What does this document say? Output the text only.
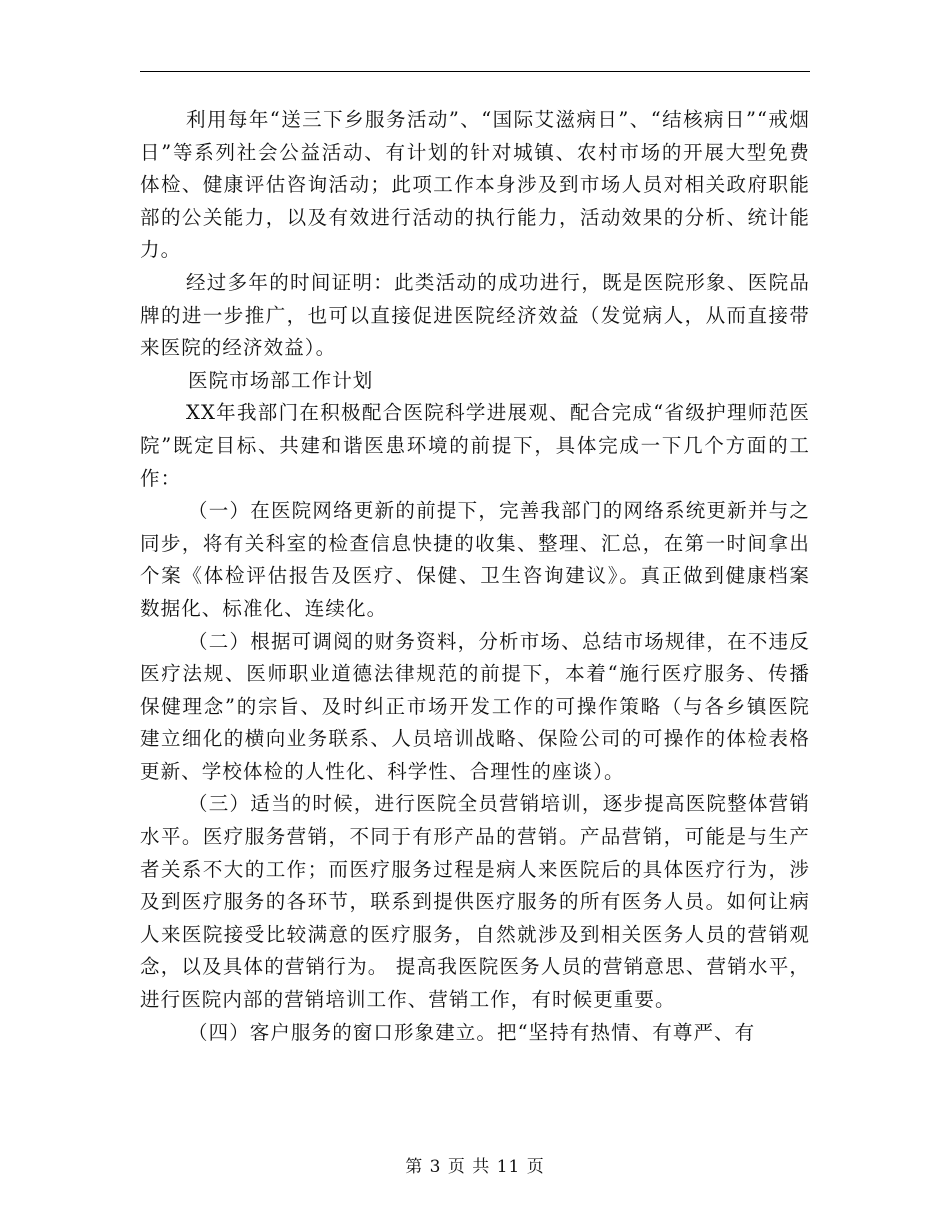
利用每年“送三下乡服务活动”、“国际艾滋病日”、“结核病日”“戒烟日”等系列社会公益活动、有计划的针对城镇、农村市场的开展大型免费体检、健康评估咨询活动；此项工作本身涉及到市场人员对相关政府职能部的公关能力，以及有效进行活动的执行能力，活动效果的分析、统计能力。

经过多年的时间证明：此类活动的成功进行，既是医院形象、医院品牌的进一步推广，也可以直接促进医院经济效益（发觉病人，从而直接带来医院的经济效益）。

医院市场部工作计划

XX年我部门在积极配合医院科学进展观、配合完成“省级护理师范医院”既定目标、共建和谐医患环境的前提下，具体完成一下几个方面的工作：

（一）在医院网络更新的前提下，完善我部门的网络系统更新并与之同步，将有关科室的检查信息快捷的收集、整理、汇总，在第一时间拿出个案《体检评估报告及医疗、保健、卫生咨询建议》。真正做到健康档案数据化、标准化、连续化。

（二）根据可调阅的财务资料，分析市场、总结市场规律，在不违反医疗法规、医师职业道德法律规范的前提下，本着“施行医疗服务、传播保健理念”的宗旨、及时纠正市场开发工作的可操作策略（与各乡镇医院建立细化的横向业务联系、人员培训战略、保险公司的可操作的体检表格更新、学校体检的人性化、科学性、合理性的座谈）。

（三）适当的时候，进行医院全员营销培训，逐步提高医院整体营销水平。医疗服务营销，不同于有形产品的营销。产品营销，可能是与生产者关系不大的工作；而医疗服务过程是病人来医院后的具体医疗行为，涉及到医疗服务的各环节，联系到提供医疗服务的所有医务人员。如何让病人来医院接受比较满意的医疗服务，自然就涉及到相关医务人员的营销观念，以及具体的营销行为。 提高我医院医务人员的营销意思、营销水平，进行医院内部的营销培训工作、营销工作，有时候更重要。

（四）客户服务的窗口形象建立。把“坚持有热情、有尊严、有

第 3 页 共 11 页
